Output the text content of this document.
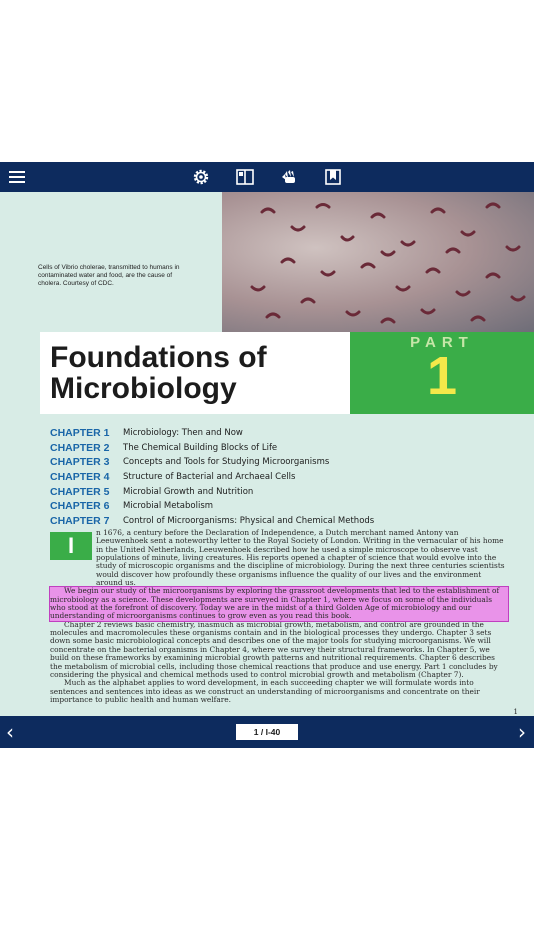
Cells of Vibrio cholerae, transmitted to humans in contaminated water and food, are the cause of cholera. Courtesy of CDC.
Foundations of
Microbiology
PART
1
CHAPTER 1	Microbiology: Then and Now
CHAPTER 2	The Chemical Building Blocks of Life
CHAPTER 3	Concepts and Tools for Studying Microorganisms
CHAPTER 4	Structure of Bacterial and Archaeal Cells
CHAPTER 5	Microbial Growth and Nutrition
CHAPTER 6	Microbial Metabolism
CHAPTER 7	Control of Microorganisms: Physical and Chemical Methods
I
n 1676, a century before the Declaration of Independence, a Dutch merchant named Antony van Leeuwenhoek sent a noteworthy letter to the Royal Society of London. Writing in the vernacular of his home in the United Netherlands, Leeuwenhoek described how he used a simple microscope to observe vast populations of minute, living creatures. His reports opened a chapter of science that would evolve into the study of microscopic organisms and the discipline of microbiology. During the next three centuries scientists would discover how profoundly these organisms influence the quality of our lives and the environment around us.
We begin our study of the microorganisms by exploring the grassroot developments that led to the establishment of microbiology as a science. These developments are surveyed in Chapter 1, where we focus on some of the individuals who stood at the forefront of discovery. Today we are in the midst of a third Golden Age of microbiology and our understanding of microorganisms continues to grow even as you read this book.
Chapter 2 reviews basic chemistry, inasmuch as microbial growth, metabolism, and control are grounded in the molecules and macromolecules these organisms contain and in the biological processes they undergo. Chapter 3 sets down some basic microbiological concepts and describes one of the major tools for studying microorganisms. We will concentrate on the bacterial organisms in Chapter 4, where we survey their structural frameworks. In Chapter 5, we build on these frameworks by examining microbial growth patterns and nutritional requirements. Chapter 6 describes the metabolism of microbial cells, including those chemical reactions that produce and use energy. Part 1 concludes by considering the physical and chemical methods used to control microbial growth and metabolism (Chapter 7).
Much as the alphabet applies to word development, in each succeeding chapter we will formulate words into sentences and sentences into ideas as we construct an understanding of microorganisms and concentrate on their importance to public health and human welfare.
1
‹	1 / I-40	›
